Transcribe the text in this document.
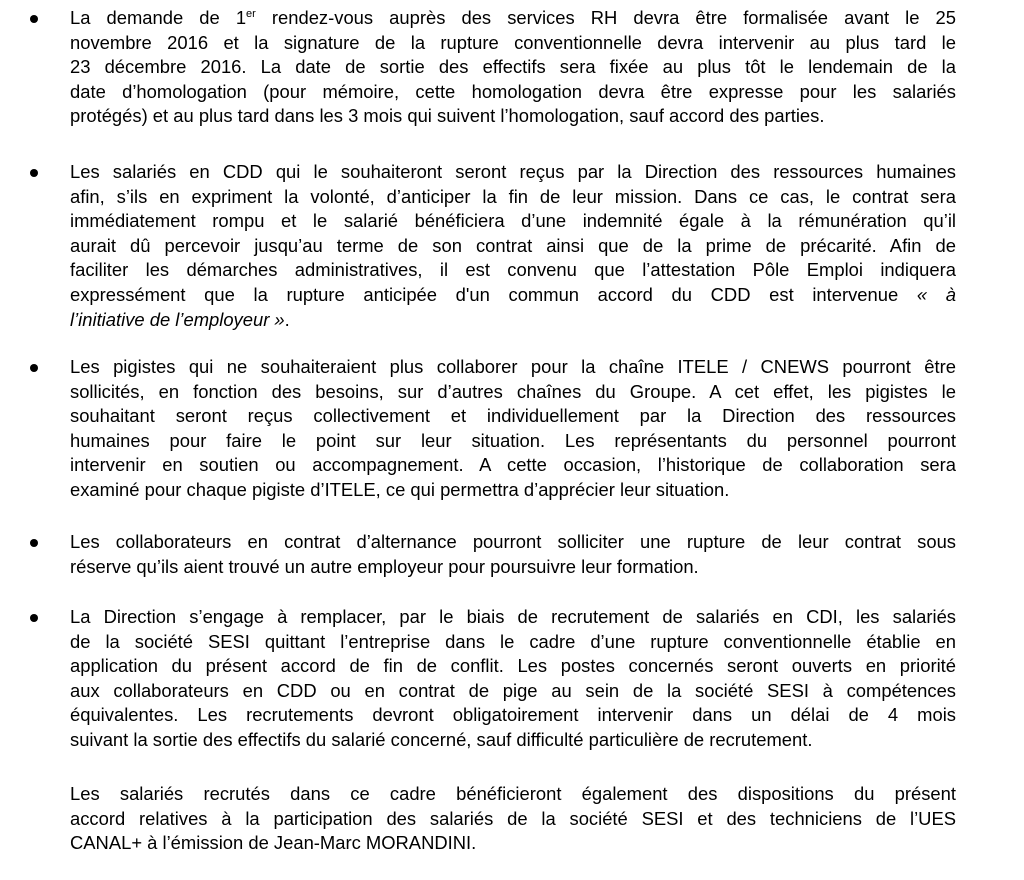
La demande de 1er rendez-vous auprès des services RH devra être formalisée avant le 25
novembre 2016 et la signature de la rupture conventionnelle devra intervenir au plus tard le
23 décembre 2016. La date de sortie des effectifs sera fixée au plus tôt le lendemain de la
date d’homologation (pour mémoire, cette homologation devra être expresse pour les salariés
protégés) et au plus tard dans les 3 mois qui suivent l’homologation, sauf accord des parties.
Les salariés en CDD qui le souhaiteront seront reçus par la Direction des ressources humaines
afin, s’ils en expriment la volonté, d’anticiper la fin de leur mission. Dans ce cas, le contrat sera
immédiatement rompu et le salarié bénéficiera d’une indemnité égale à la rémunération qu’il
aurait dû percevoir jusqu’au terme de son contrat ainsi que de la prime de précarité. Afin de
faciliter les démarches administratives, il est convenu que l’attestation Pôle Emploi indiquera
expressément que la rupture anticipée d'un commun accord du CDD est intervenue « à
l’initiative de l’employeur ».
Les pigistes qui ne souhaiteraient plus collaborer pour la chaîne ITELE / CNEWS pourront être
sollicités, en fonction des besoins, sur d’autres chaînes du Groupe. A cet effet, les pigistes le
souhaitant seront reçus collectivement et individuellement par la Direction des ressources
humaines pour faire le point sur leur situation. Les représentants du personnel pourront
intervenir en soutien ou accompagnement. A cette occasion, l’historique de collaboration sera
examiné pour chaque pigiste d’ITELE, ce qui permettra d’apprécier leur situation.
Les collaborateurs en contrat d’alternance pourront solliciter une rupture de leur contrat sous
réserve qu’ils aient trouvé un autre employeur pour poursuivre leur formation.
La Direction s’engage à remplacer, par le biais de recrutement de salariés en CDI, les salariés
de la société SESI quittant l’entreprise dans le cadre d’une rupture conventionnelle établie en
application du présent accord de fin de conflit. Les postes concernés seront ouverts en priorité
aux collaborateurs en CDD ou en contrat de pige au sein de la société SESI à compétences
équivalentes. Les recrutements devront obligatoirement intervenir dans un délai de 4 mois
suivant la sortie des effectifs du salarié concerné, sauf difficulté particulière de recrutement.
Les salariés recrutés dans ce cadre bénéficieront également des dispositions du présent
accord relatives à la participation des salariés de la société SESI et des techniciens de l’UES
CANAL+ à l’émission de Jean-Marc MORANDINI.
